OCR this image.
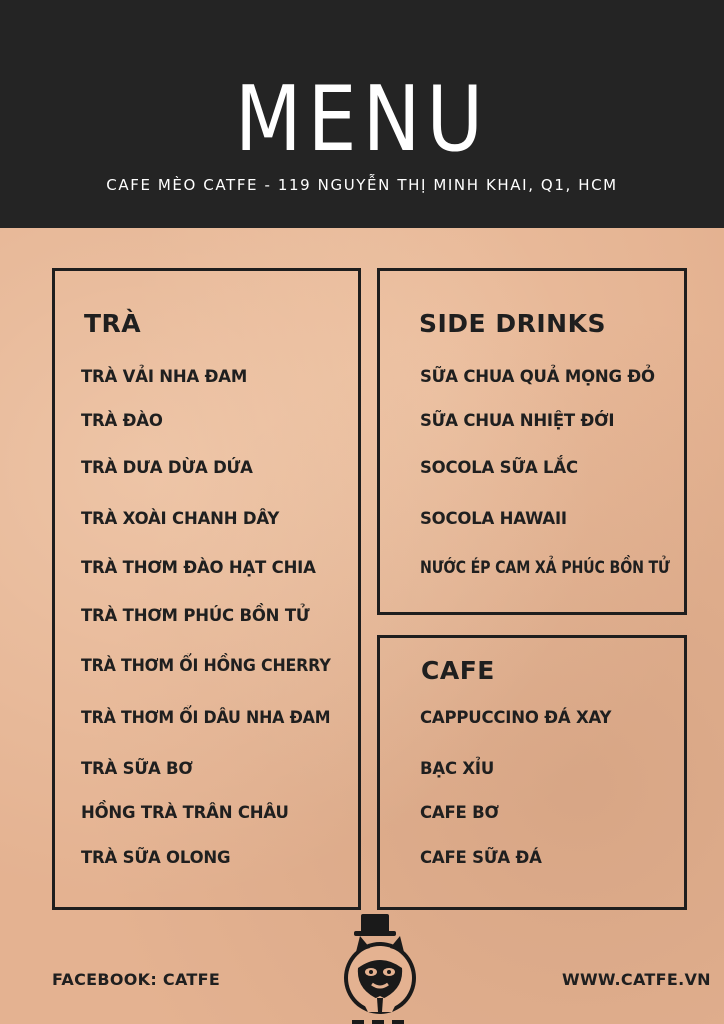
MENU
CAFE MÈO CATFE - 119 NGUYỄN THỊ MINH KHAI, Q1, HCM
TRÀ
TRÀ VẢI NHA ĐAM
TRÀ ĐÀO
TRÀ DƯA DỪA DỨA
TRÀ XOÀI CHANH DÂY
TRÀ THƠM ĐÀO HẠT CHIA
TRÀ THƠM PHÚC BỒN TỬ
TRÀ THƠM ỔI HỒNG CHERRY
TRÀ THƠM ỔI DÂU NHA ĐAM
TRÀ SỮA BƠ
HỒNG TRÀ TRÂN CHÂU
TRÀ SỮA OLONG
SIDE DRINKS
SỮA CHUA QUẢ MỌNG ĐỎ
SỮA CHUA NHIỆT ĐỚI
SOCOLA SỮA LẮC
SOCOLA HAWAII
NƯỚC ÉP CAM XẢ PHÚC BỒN TỬ
CAFE
CAPPUCCINO ĐÁ XAY
BẠC XỈU
CAFE BƠ
CAFE SỮA ĐÁ
FACEBOOK: CATFE	WWW.CATFE.VN
